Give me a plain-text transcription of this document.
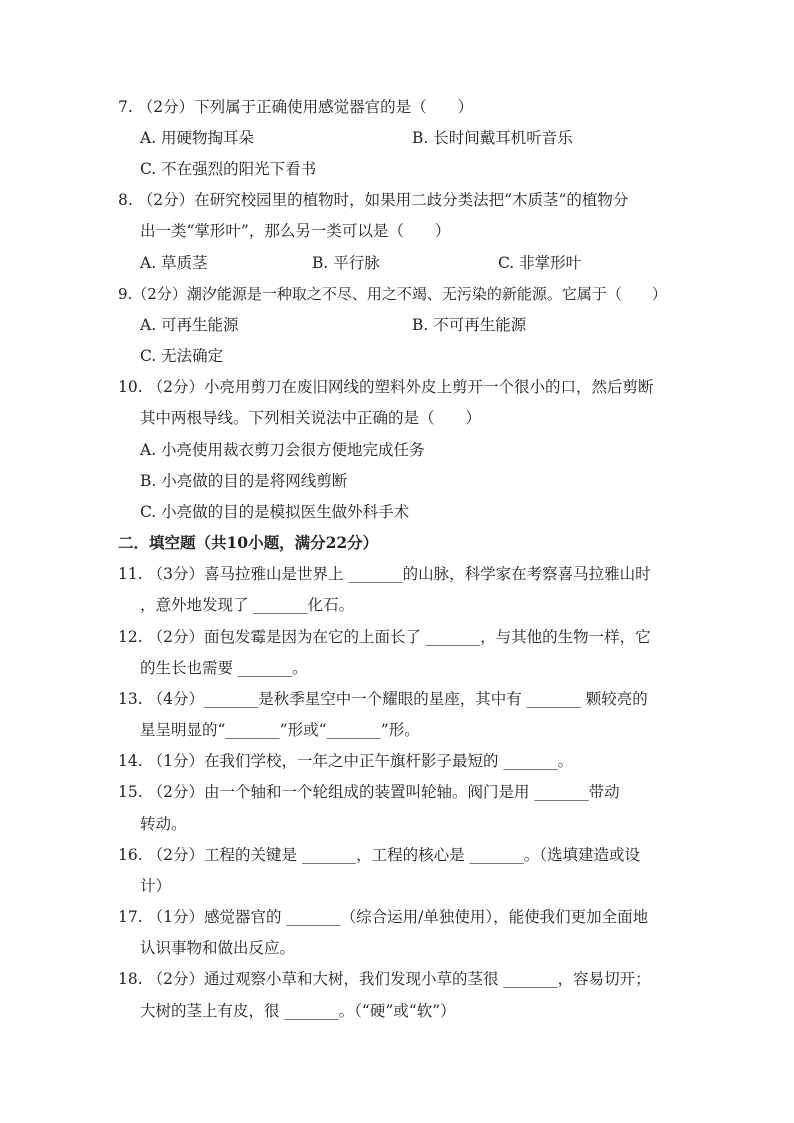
7. （2分）下列属于正确使用感觉器官的是（　　）
A. 用硬物掏耳朵	B. 长时间戴耳机听音乐
C. 不在强烈的阳光下看书
8. （2分）在研究校园里的植物时，如果用二歧分类法把“木质茎“的植物分
出一类“掌形叶”，那么另一类可以是（　　）
A. 草质茎	B. 平行脉	C. 非掌形叶
9.（2分）潮汐能源是一种取之不尽、用之不竭、无污染的新能源。它属于（　　）
A. 可再生能源	B. 不可再生能源
C. 无法确定
10. （2分）小亮用剪刀在废旧网线的塑料外皮上剪开一个很小的口，然后剪断
其中两根导线。下列相关说法中正确的是（　　）
A. 小亮使用裁衣剪刀会很方便地完成任务
B. 小亮做的目的是将网线剪断
C. 小亮做的目的是模拟医生做外科手术
二．填空题（共10小题，满分22分）
11. （3分）喜马拉雅山是世界上 _______的山脉，科学家在考察喜马拉雅山时
，意外地发现了 _______化石。
12. （2分）面包发霉是因为在它的上面长了 _______，与其他的生物一样，它
的生长也需要 _______。
13. （4分）_______是秋季星空中一个耀眼的星座，其中有 _______ 颗较亮的
星呈明显的“_______”形或“_______”形。
14. （1分）在我们学校，一年之中正午旗杆影子最短的 _______。
15. （2分）由一个轴和一个轮组成的装置叫轮轴。阀门是用 _______带动
转动。
16. （2分）工程的关键是 _______，工程的核心是 _______。（选填建造或设
计）
17. （1分）感觉器官的 _______（综合运用/单独使用），能使我们更加全面地
认识事物和做出反应。
18. （2分）通过观察小草和大树，我们发现小草的茎很 _______，容易切开；
大树的茎上有皮，很 _______。（“硬”或“软”）
